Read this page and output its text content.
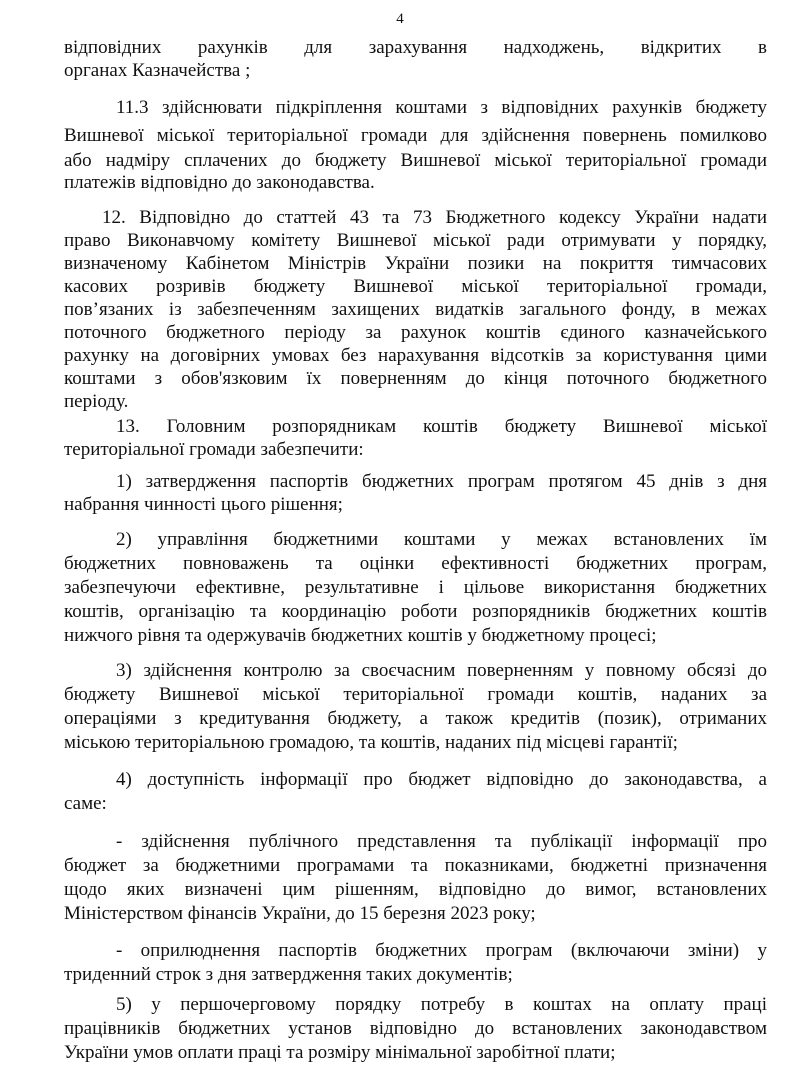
4
відповідних рахунків для зарахування надходжень, відкритих в
органах Казначейства ;
11.3 здійснювати підкріплення коштами з відповідних рахунків бюджету
Вишневої міської територіальної громади для здійснення повернень помилково
або надміру сплачених до бюджету Вишневої міської територіальної громади
платежів відповідно до законодавства.
12. Відповідно до статтей 43 та 73 Бюджетного кодексу України надати
право Виконавчому комітету Вишневої міської ради отримувати у порядку,
визначеному Кабінетом Міністрів України позики на покриття тимчасових
касових розривів бюджету Вишневої міської територіальної громади,
пов’язаних із забезпеченням захищених видатків загального фонду, в межах
поточного бюджетного періоду за рахунок коштів єдиного казначейського
рахунку на договірних умовах без нарахування відсотків за користування цими
коштами з обов'язковим їх поверненням до кінця поточного бюджетного
періоду.
13. Головним розпорядникам коштів бюджету Вишневої міської
територіальної громади забезпечити:
1) затвердження паспортів бюджетних програм протягом 45 днів з дня
набрання чинності цього рішення;
2) управління бюджетними коштами у межах встановлених їм
бюджетних повноважень та оцінки ефективності бюджетних програм,
забезпечуючи ефективне, результативне і цільове використання бюджетних
коштів, організацію та координацію роботи розпорядників бюджетних коштів
нижчого рівня та одержувачів бюджетних коштів у бюджетному процесі;
3) здійснення контролю за своєчасним поверненням у повному обсязі до
бюджету Вишневої міської територіальної громади коштів, наданих за
операціями з кредитування бюджету, а також кредитів (позик), отриманих
міською територіальною громадою, та коштів, наданих під місцеві гарантії;
4) доступність інформації про бюджет відповідно до законодавства, а
саме:
- здійснення публічного представлення та публікації інформації про
бюджет за бюджетними програмами та показниками, бюджетні призначення
щодо яких визначені цим рішенням, відповідно до вимог, встановлених
Міністерством фінансів України, до 15 березня 2023 року;
- оприлюднення паспортів бюджетних програм (включаючи зміни) у
триденний строк з дня затвердження таких документів;
5) у першочерговому порядку потребу в коштах на оплату праці
працівників бюджетних установ відповідно до встановлених законодавством
України умов оплати праці та розміру мінімальної заробітної плати;
